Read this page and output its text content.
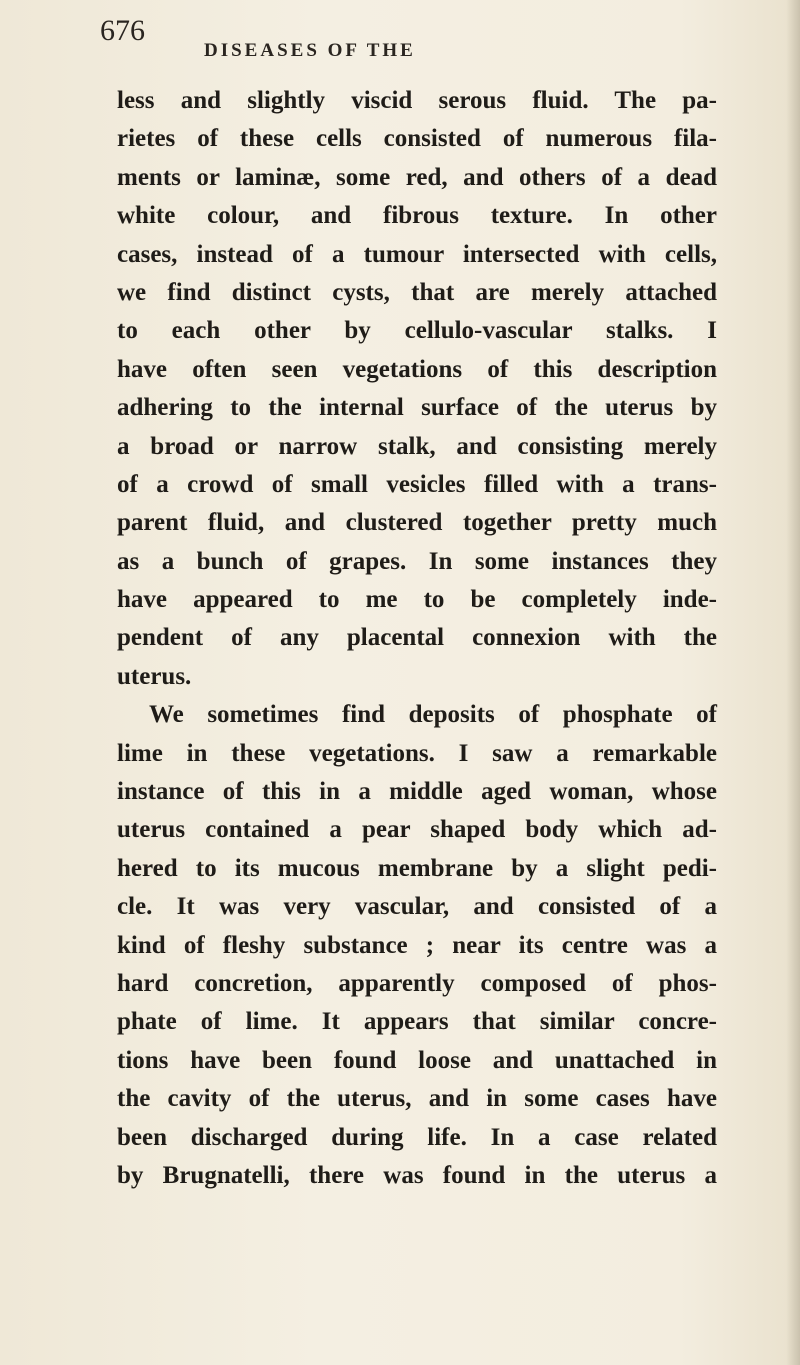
676
DISEASES OF THE
less and slightly viscid serous fluid. The pa-
rietes of these cells consisted of numerous fila-
ments or laminæ, some red, and others of a dead
white colour, and fibrous texture. In other
cases, instead of a tumour intersected with cells,
we find distinct cysts, that are merely attached
to each other by cellulo-vascular stalks. I
have often seen vegetations of this description
adhering to the internal surface of the uterus by
a broad or narrow stalk, and consisting merely
of a crowd of small vesicles filled with a trans-
parent fluid, and clustered together pretty much
as a bunch of grapes. In some instances they
have appeared to me to be completely inde-
pendent of any placental connexion with the
uterus.
We sometimes find deposits of phosphate of
lime in these vegetations. I saw a remarkable
instance of this in a middle aged woman, whose
uterus contained a pear shaped body which ad-
hered to its mucous membrane by a slight pedi-
cle. It was very vascular, and consisted of a
kind of fleshy substance ; near its centre was a
hard concretion, apparently composed of phos-
phate of lime. It appears that similar concre-
tions have been found loose and unattached in
the cavity of the uterus, and in some cases have
been discharged during life. In a case related
by Brugnatelli, there was found in the uterus a
